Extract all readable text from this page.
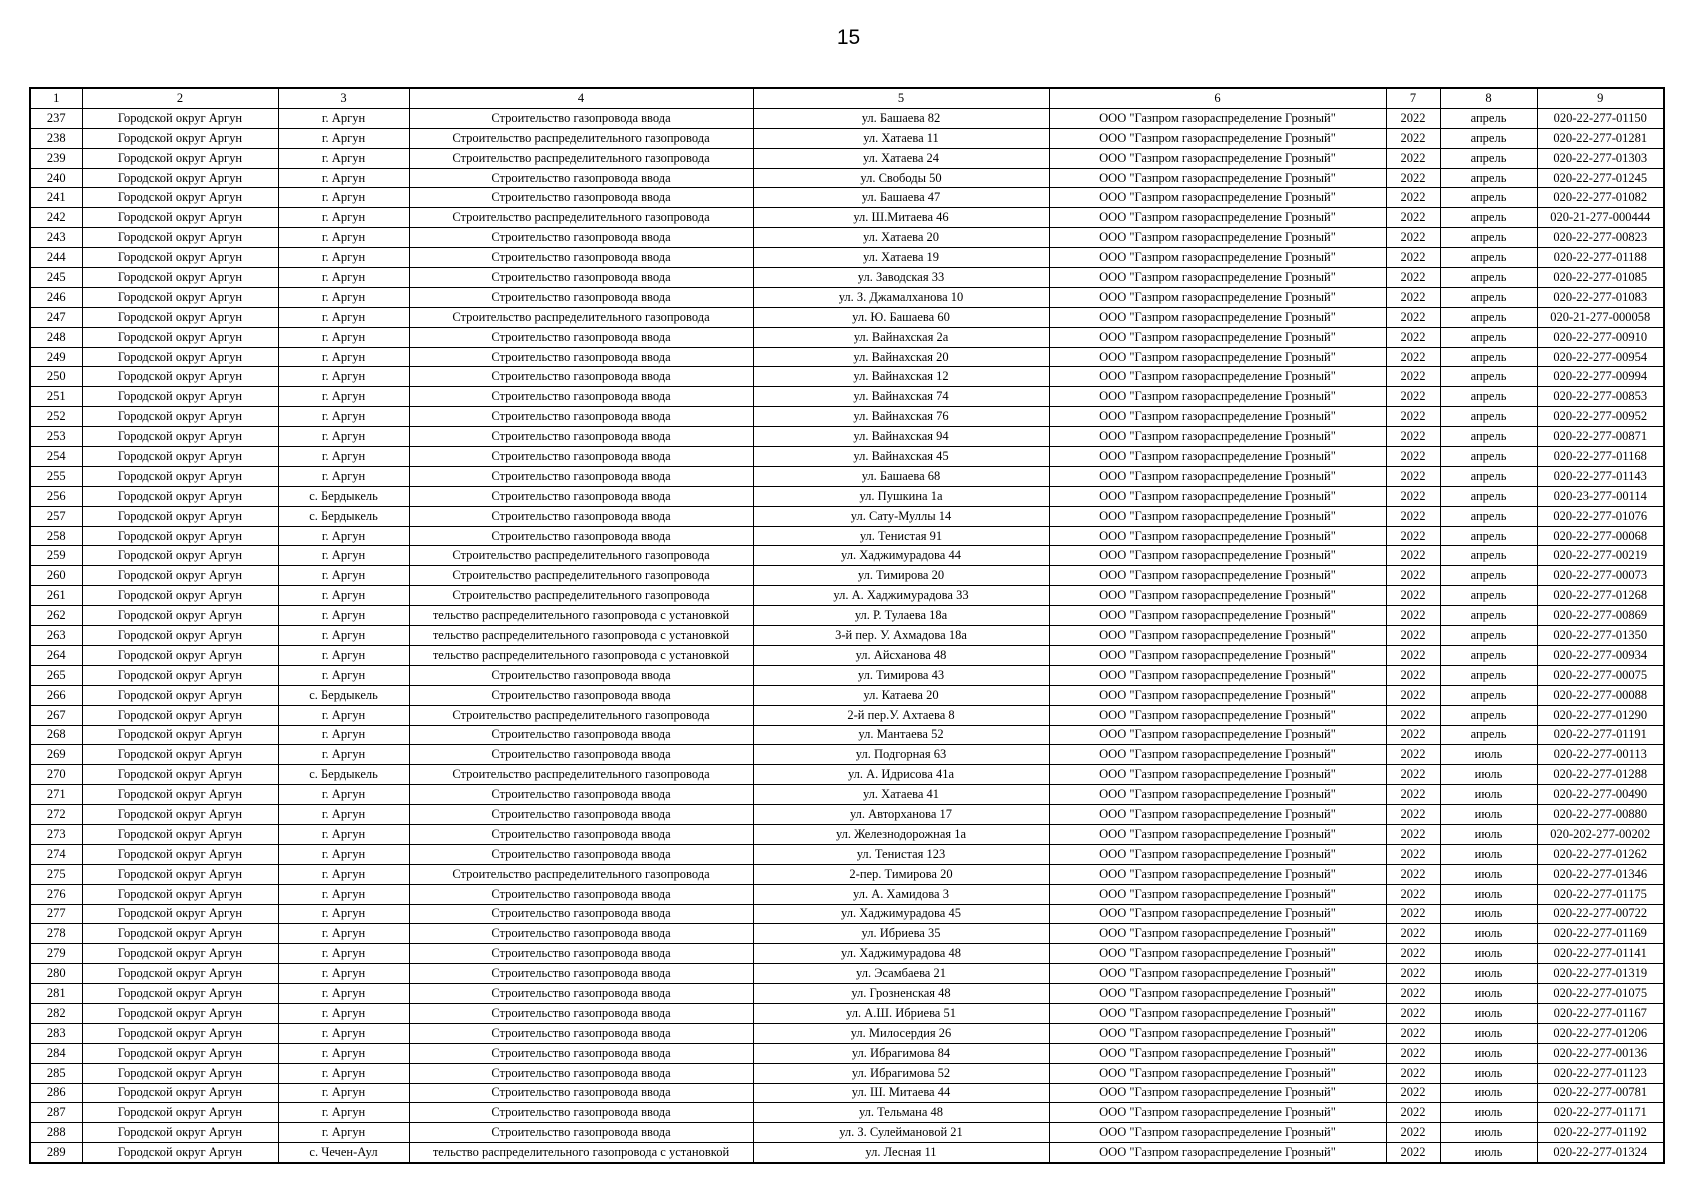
15
1	2	3	4	5	6	7	8	9
237	Городской округ Аргун	г. Аргун	Строительство газопровода ввода	ул. Башаева 82	ООО "Газпром газораспределение Грозный"	2022	апрель	020-22-277-01150
238	Городской округ Аргун	г. Аргун	Строительство распределительного газопровода	ул. Хатаева 11	ООО "Газпром газораспределение Грозный"	2022	апрель	020-22-277-01281
239	Городской округ Аргун	г. Аргун	Строительство распределительного газопровода	ул. Хатаева 24	ООО "Газпром газораспределение Грозный"	2022	апрель	020-22-277-01303
240	Городской округ Аргун	г. Аргун	Строительство газопровода ввода	ул. Свободы 50	ООО "Газпром газораспределение Грозный"	2022	апрель	020-22-277-01245
241	Городской округ Аргун	г. Аргун	Строительство газопровода ввода	ул. Башаева 47	ООО "Газпром газораспределение Грозный"	2022	апрель	020-22-277-01082
242	Городской округ Аргун	г. Аргун	Строительство распределительного газопровода	ул. Ш.Митаева 46	ООО "Газпром газораспределение Грозный"	2022	апрель	020-21-277-000444
243	Городской округ Аргун	г. Аргун	Строительство газопровода ввода	ул. Хатаева 20	ООО "Газпром газораспределение Грозный"	2022	апрель	020-22-277-00823
244	Городской округ Аргун	г. Аргун	Строительство газопровода ввода	ул. Хатаева 19	ООО "Газпром газораспределение Грозный"	2022	апрель	020-22-277-01188
245	Городской округ Аргун	г. Аргун	Строительство газопровода ввода	ул. Заводская 33	ООО "Газпром газораспределение Грозный"	2022	апрель	020-22-277-01085
246	Городской округ Аргун	г. Аргун	Строительство газопровода ввода	ул. З. Джамалханова 10	ООО "Газпром газораспределение Грозный"	2022	апрель	020-22-277-01083
247	Городской округ Аргун	г. Аргун	Строительство распределительного газопровода	ул. Ю. Башаева 60	ООО "Газпром газораспределение Грозный"	2022	апрель	020-21-277-000058
248	Городской округ Аргун	г. Аргун	Строительство газопровода ввода	ул. Вайнахская 2а	ООО "Газпром газораспределение Грозный"	2022	апрель	020-22-277-00910
249	Городской округ Аргун	г. Аргун	Строительство газопровода ввода	ул. Вайнахская 20	ООО "Газпром газораспределение Грозный"	2022	апрель	020-22-277-00954
250	Городской округ Аргун	г. Аргун	Строительство газопровода ввода	ул. Вайнахская 12	ООО "Газпром газораспределение Грозный"	2022	апрель	020-22-277-00994
251	Городской округ Аргун	г. Аргун	Строительство газопровода ввода	ул. Вайнахская 74	ООО "Газпром газораспределение Грозный"	2022	апрель	020-22-277-00853
252	Городской округ Аргун	г. Аргун	Строительство газопровода ввода	ул. Вайнахская 76	ООО "Газпром газораспределение Грозный"	2022	апрель	020-22-277-00952
253	Городской округ Аргун	г. Аргун	Строительство газопровода ввода	ул. Вайнахская 94	ООО "Газпром газораспределение Грозный"	2022	апрель	020-22-277-00871
254	Городской округ Аргун	г. Аргун	Строительство газопровода ввода	ул. Вайнахская 45	ООО "Газпром газораспределение Грозный"	2022	апрель	020-22-277-01168
255	Городской округ Аргун	г. Аргун	Строительство газопровода ввода	ул. Башаева 68	ООО "Газпром газораспределение Грозный"	2022	апрель	020-22-277-01143
256	Городской округ Аргун	с. Бердыкель	Строительство газопровода ввода	ул. Пушкина 1а	ООО "Газпром газораспределение Грозный"	2022	апрель	020-23-277-00114
257	Городской округ Аргун	с. Бердыкель	Строительство газопровода ввода	ул. Сату-Муллы 14	ООО "Газпром газораспределение Грозный"	2022	апрель	020-22-277-01076
258	Городской округ Аргун	г. Аргун	Строительство газопровода ввода	ул. Тенистая 91	ООО "Газпром газораспределение Грозный"	2022	апрель	020-22-277-00068
259	Городской округ Аргун	г. Аргун	Строительство распределительного газопровода	ул. Хаджимурадова 44	ООО "Газпром газораспределение Грозный"	2022	апрель	020-22-277-00219
260	Городской округ Аргун	г. Аргун	Строительство распределительного газопровода	ул. Тимирова 20	ООО "Газпром газораспределение Грозный"	2022	апрель	020-22-277-00073
261	Городской округ Аргун	г. Аргун	Строительство распределительного газопровода	ул. А. Хаджимурадова 33	ООО "Газпром газораспределение Грозный"	2022	апрель	020-22-277-01268
262	Городской округ Аргун	г. Аргун	тельство распределительного газопровода с установкой	ул. Р. Тулаева 18а	ООО "Газпром газораспределение Грозный"	2022	апрель	020-22-277-00869
263	Городской округ Аргун	г. Аргун	тельство распределительного газопровода с установкой	3-й пер. У. Ахмадова 18а	ООО "Газпром газораспределение Грозный"	2022	апрель	020-22-277-01350
264	Городской округ Аргун	г. Аргун	тельство распределительного газопровода с установкой	ул. Айсханова 48	ООО "Газпром газораспределение Грозный"	2022	апрель	020-22-277-00934
265	Городской округ Аргун	г. Аргун	Строительство газопровода ввода	ул. Тимирова 43	ООО "Газпром газораспределение Грозный"	2022	апрель	020-22-277-00075
266	Городской округ Аргун	с. Бердыкель	Строительство газопровода ввода	ул. Катаева 20	ООО "Газпром газораспределение Грозный"	2022	апрель	020-22-277-00088
267	Городской округ Аргун	г. Аргун	Строительство распределительного газопровода	2-й пер.У. Ахтаева 8	ООО "Газпром газораспределение Грозный"	2022	апрель	020-22-277-01290
268	Городской округ Аргун	г. Аргун	Строительство газопровода ввода	ул. Мантаева 52	ООО "Газпром газораспределение Грозный"	2022	апрель	020-22-277-01191
269	Городской округ Аргун	г. Аргун	Строительство газопровода ввода	ул. Подгорная 63	ООО "Газпром газораспределение Грозный"	2022	июль	020-22-277-00113
270	Городской округ Аргун	с. Бердыкель	Строительство распределительного газопровода	ул. А. Идрисова 41а	ООО "Газпром газораспределение Грозный"	2022	июль	020-22-277-01288
271	Городской округ Аргун	г. Аргун	Строительство газопровода ввода	ул. Хатаева 41	ООО "Газпром газораспределение Грозный"	2022	июль	020-22-277-00490
272	Городской округ Аргун	г. Аргун	Строительство газопровода ввода	ул. Авторханова 17	ООО "Газпром газораспределение Грозный"	2022	июль	020-22-277-00880
273	Городской округ Аргун	г. Аргун	Строительство газопровода ввода	ул. Железнодорожная 1а	ООО "Газпром газораспределение Грозный"	2022	июль	020-202-277-00202
274	Городской округ Аргун	г. Аргун	Строительство газопровода ввода	ул. Тенистая 123	ООО "Газпром газораспределение Грозный"	2022	июль	020-22-277-01262
275	Городской округ Аргун	г. Аргун	Строительство распределительного газопровода	2-пер. Тимирова 20	ООО "Газпром газораспределение Грозный"	2022	июль	020-22-277-01346
276	Городской округ Аргун	г. Аргун	Строительство газопровода ввода	ул. А. Хамидова 3	ООО "Газпром газораспределение Грозный"	2022	июль	020-22-277-01175
277	Городской округ Аргун	г. Аргун	Строительство газопровода ввода	ул. Хаджимурадова 45	ООО "Газпром газораспределение Грозный"	2022	июль	020-22-277-00722
278	Городской округ Аргун	г. Аргун	Строительство газопровода ввода	ул. Ибриева 35	ООО "Газпром газораспределение Грозный"	2022	июль	020-22-277-01169
279	Городской округ Аргун	г. Аргун	Строительство газопровода ввода	ул. Хаджимурадова 48	ООО "Газпром газораспределение Грозный"	2022	июль	020-22-277-01141
280	Городской округ Аргун	г. Аргун	Строительство газопровода ввода	ул. Эсамбаева 21	ООО "Газпром газораспределение Грозный"	2022	июль	020-22-277-01319
281	Городской округ Аргун	г. Аргун	Строительство газопровода ввода	ул. Грозненская 48	ООО "Газпром газораспределение Грозный"	2022	июль	020-22-277-01075
282	Городской округ Аргун	г. Аргун	Строительство газопровода ввода	ул. А.Ш. Ибриева 51	ООО "Газпром газораспределение Грозный"	2022	июль	020-22-277-01167
283	Городской округ Аргун	г. Аргун	Строительство газопровода ввода	ул. Милосердия 26	ООО "Газпром газораспределение Грозный"	2022	июль	020-22-277-01206
284	Городской округ Аргун	г. Аргун	Строительство газопровода ввода	ул. Ибрагимова 84	ООО "Газпром газораспределение Грозный"	2022	июль	020-22-277-00136
285	Городской округ Аргун	г. Аргун	Строительство газопровода ввода	ул. Ибрагимова 52	ООО "Газпром газораспределение Грозный"	2022	июль	020-22-277-01123
286	Городской округ Аргун	г. Аргун	Строительство газопровода ввода	ул. Ш. Митаева 44	ООО "Газпром газораспределение Грозный"	2022	июль	020-22-277-00781
287	Городской округ Аргун	г. Аргун	Строительство газопровода ввода	ул. Тельмана 48	ООО "Газпром газораспределение Грозный"	2022	июль	020-22-277-01171
288	Городской округ Аргун	г. Аргун	Строительство газопровода ввода	ул. З. Сулеймановой 21	ООО "Газпром газораспределение Грозный"	2022	июль	020-22-277-01192
289	Городской округ Аргун	с. Чечен-Аул	тельство распределительного газопровода с установкой	ул. Лесная 11	ООО "Газпром газораспределение Грозный"	2022	июль	020-22-277-01324
